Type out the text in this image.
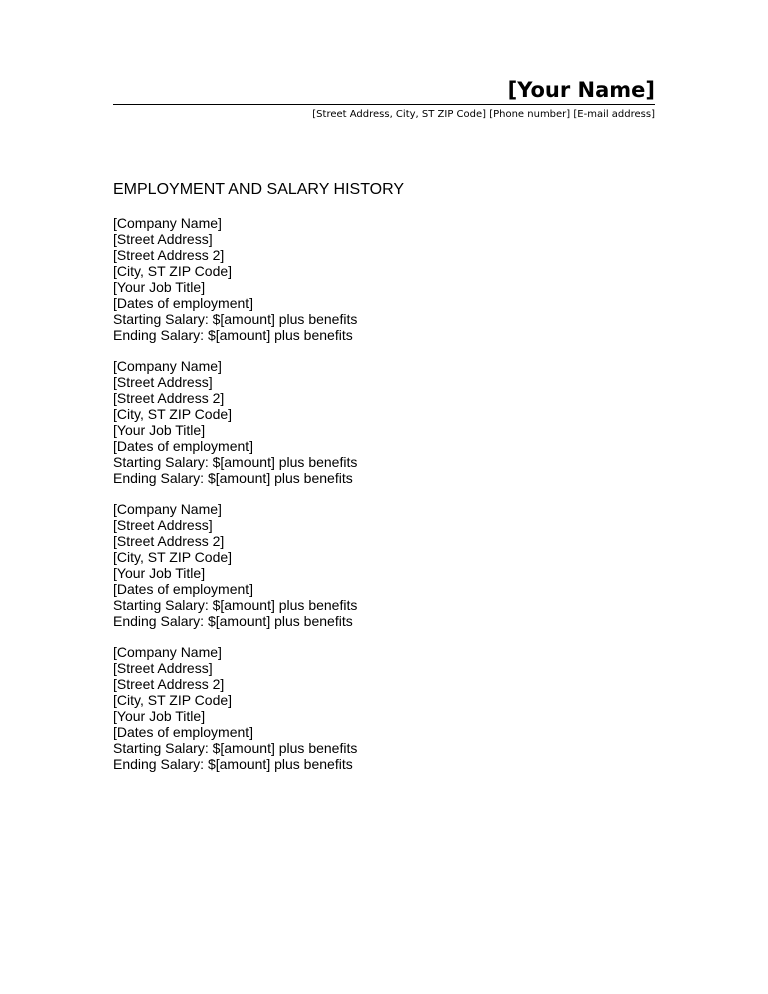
[Your Name]
[Street Address, City, ST ZIP Code] [Phone number] [E-mail address]
EMPLOYMENT AND SALARY HISTORY
[Company Name]
[Street Address]
[Street Address 2]
[City, ST ZIP Code]
[Your Job Title]
[Dates of employment]
Starting Salary: $[amount] plus benefits
Ending Salary: $[amount] plus benefits
[Company Name]
[Street Address]
[Street Address 2]
[City, ST ZIP Code]
[Your Job Title]
[Dates of employment]
Starting Salary: $[amount] plus benefits
Ending Salary: $[amount] plus benefits
[Company Name]
[Street Address]
[Street Address 2]
[City, ST ZIP Code]
[Your Job Title]
[Dates of employment]
Starting Salary: $[amount] plus benefits
Ending Salary: $[amount] plus benefits
[Company Name]
[Street Address]
[Street Address 2]
[City, ST ZIP Code]
[Your Job Title]
[Dates of employment]
Starting Salary: $[amount] plus benefits
Ending Salary: $[amount] plus benefits
